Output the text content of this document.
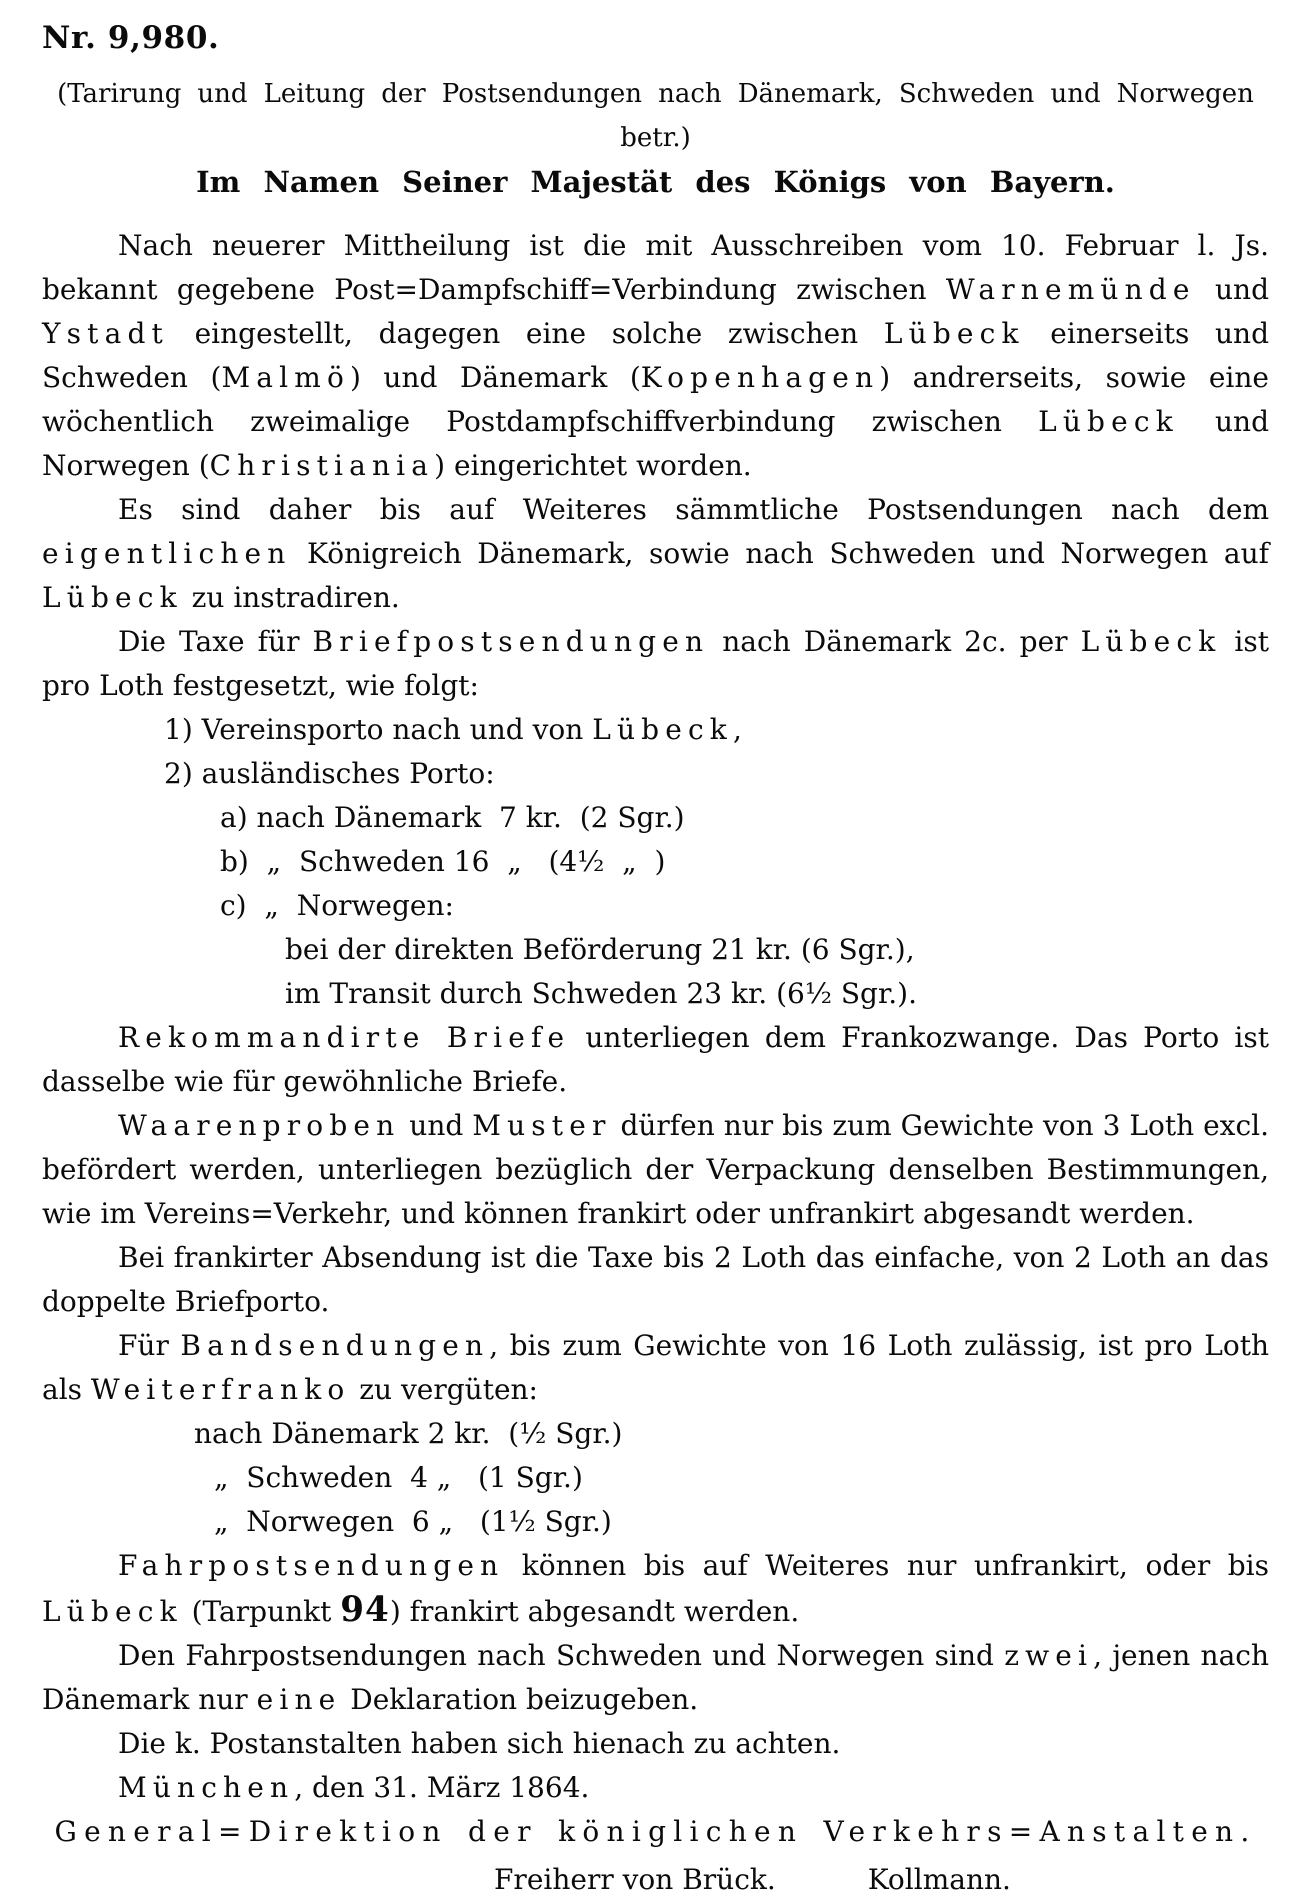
Nr. 9,980.

(Tarirung und Leitung der Postsendungen nach Dänemark, Schweden und Norwegen betr.)

Im Namen Seiner Majestät des Königs von Bayern.

Nach neuerer Mittheilung ist die mit Ausschreiben vom 10. Februar l. Js. bekannt gegebene Post=Dampfschiff=Verbindung zwischen Warnemünde und Ystadt eingestellt, dagegen eine solche zwischen Lübeck einerseits und Schweden (Malmö) und Dänemark (Kopenhagen) andrerseits, sowie eine wöchentlich zweimalige Postdampfschiffverbindung zwischen Lübeck und Norwegen (Christiania) eingerichtet worden.

Es sind daher bis auf Weiteres sämmtliche Postsendungen nach dem eigentlichen Königreich Dänemark, sowie nach Schweden und Norwegen auf Lübeck zu instradiren.

Die Taxe für Briefpostsendungen nach Dänemark 2c. per Lübeck ist pro Loth festgesetzt, wie folgt:

1) Vereinsporto nach und von Lübeck,

2) ausländisches Porto:

a) nach Dänemark  7 kr.  (2 Sgr.)

b)  „  Schweden 16  „   (4½  „  )

c)  „  Norwegen:

bei der direkten Beförderung 21 kr. (6 Sgr.),

im Transit durch Schweden 23 kr. (6½ Sgr.).

Rekommandirte Briefe unterliegen dem Frankozwange. Das Porto ist dasselbe wie für gewöhnliche Briefe.

Waarenproben und Muster dürfen nur bis zum Gewichte von 3 Loth excl. befördert werden, unterliegen bezüglich der Verpackung denselben Bestimmungen, wie im Vereins=Verkehr, und können frankirt oder unfrankirt abgesandt werden.

Bei frankirter Absendung ist die Taxe bis 2 Loth das einfache, von 2 Loth an das doppelte Briefporto.

Für Bandsendungen, bis zum Gewichte von 16 Loth zulässig, ist pro Loth als Weiterfranko zu vergüten:

nach Dänemark 2 kr.  (½ Sgr.)

„  Schweden  4 „   (1 Sgr.)

„  Norwegen  6 „   (1½ Sgr.)

Fahrpostsendungen können bis auf Weiteres nur unfrankirt, oder bis Lübeck (Tarpunkt 94) frankirt abgesandt werden.

Den Fahrpostsendungen nach Schweden und Norwegen sind zwei, jenen nach Dänemark nur eine Deklaration beizugeben.

Die k. Postanstalten haben sich hienach zu achten.

München, den 31. März 1864.

General=Direktion der königlichen Verkehrs=Anstalten.

Freiherr von Brück.	Kollmann.
